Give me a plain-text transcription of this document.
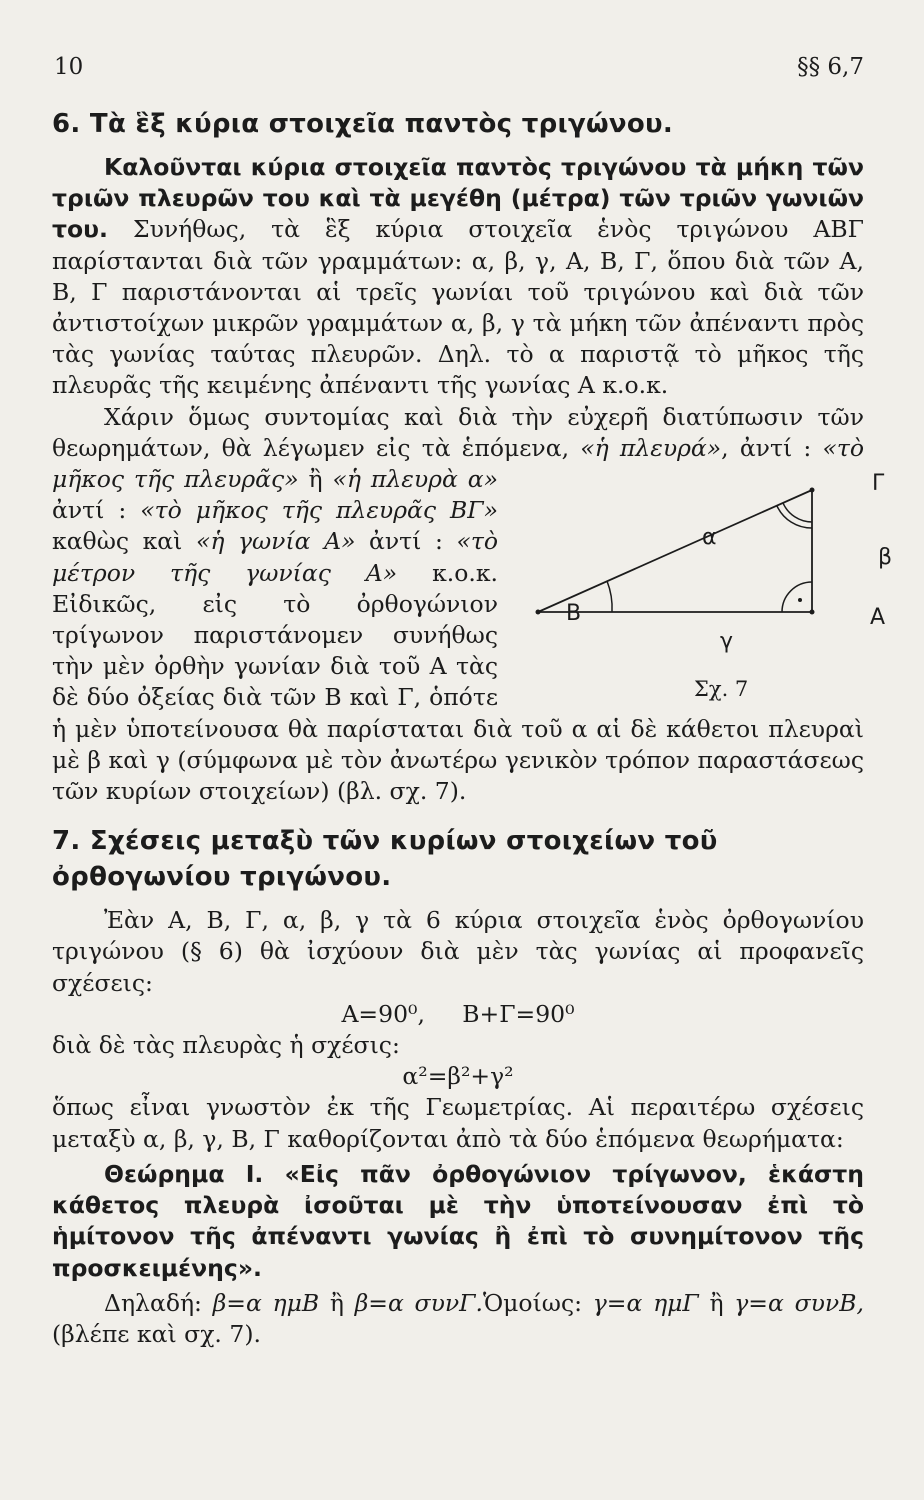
10	§§ 6,7
6. Τὰ ἓξ κύρια στοιχεῖα παντὸς τριγώνου.

Καλοῦνται κύρια στοιχεῖα παντὸς τριγώνου τὰ μήκη τῶν τριῶν πλευρῶν του καὶ τὰ μεγέθη (μέτρα) τῶν τριῶν γωνιῶν του. Συνήθως, τὰ ἓξ κύρια στοιχεῖα ἑνὸς τριγώνου ΑΒΓ παρίστανται διὰ τῶν γραμμάτων: α, β, γ, Α, Β, Γ, ὅπου διὰ τῶν Α, Β, Γ παριστάνονται αἱ τρεῖς γωνίαι τοῦ τριγώνου καὶ διὰ τῶν ἀντιστοίχων μικρῶν γραμμάτων α, β, γ τὰ μήκη τῶν ἀπέναντι πρὸς τὰς γωνίας ταύτας πλευρῶν. Δηλ. τὸ α παριστᾷ τὸ μῆκος τῆς πλευρᾶς τῆς κειμένης ἀπέναντι τῆς γωνίας Α κ.ο.κ.

Χάριν ὅμως συντομίας καὶ διὰ τὴν εὐχερῆ διατύπωσιν τῶν θεωρημάτων, θὰ λέγωμεν εἰς τὰ ἑπόμενα, «ἡ πλευρά», ἀντί :
B	A
Γ
α
β
γ
Σχ. 7
«τὸ μῆκος τῆς πλευρᾶς» ἢ «ἡ πλευρὰ α» ἀντί : «τὸ μῆκος τῆς πλευρᾶς ΒΓ» καθὼς καὶ «ἡ γωνία Α» ἀντί : «τὸ μέτρον τῆς γωνίας Α» κ.ο.κ. Εἰδικῶς, εἰς τὸ ὀρθογώνιον τρίγωνον παριστάνομεν συνήθως τὴν μὲν ὀρθὴν γωνίαν διὰ τοῦ Α τὰς δὲ δύο ὀξείας διὰ τῶν Β καὶ Γ, ὁπότε ἡ μὲν ὑποτείνουσα θὰ παρίσταται διὰ τοῦ α αἱ δὲ κάθετοι πλευραὶ μὲ β καὶ γ (σύμφωνα μὲ τὸν ἀνωτέρω γενικὸν τρόπον παραστάσεως τῶν κυρίων στοιχείων) (βλ. σχ. 7).

7. Σχέσεις μεταξὺ τῶν κυρίων στοιχείων τοῦ ὀρθογωνίου τριγώνου.

Ἐὰν Α, Β, Γ, α, β, γ τὰ 6 κύρια στοιχεῖα ἑνὸς ὀρθογωνίου τριγώνου (§ 6) θὰ ἰσχύουν διὰ μὲν τὰς γωνίας αἱ προφανεῖς σχέσεις:

Α=90⁰,     Β+Γ=90⁰

διὰ δὲ τὰς πλευρὰς ἡ σχέσις:

α²=β²+γ²

ὅπως εἶναι γνωστὸν ἐκ τῆς Γεωμετρίας. Αἱ περαιτέρω σχέσεις μεταξὺ α, β, γ, Β, Γ καθορίζονται ἀπὸ τὰ δύο ἑπόμενα θεωρήματα:

Θεώρημα Ι. «Εἰς πᾶν ὀρθογώνιον τρίγωνον, ἑκάστη κάθετος πλευρὰ ἰσοῦται μὲ τὴν ὑποτείνουσαν ἐπὶ τὸ ἡμίτονον τῆς ἀπέναντι γωνίας ἢ ἐπὶ τὸ συνημίτονον τῆς προσκειμένης».

Δηλαδή: β=α ημΒ ἢ β=α συνΓ.Ὁμοίως: γ=α ημΓ ἢ γ=α συνΒ, (βλέπε καὶ σχ. 7).
